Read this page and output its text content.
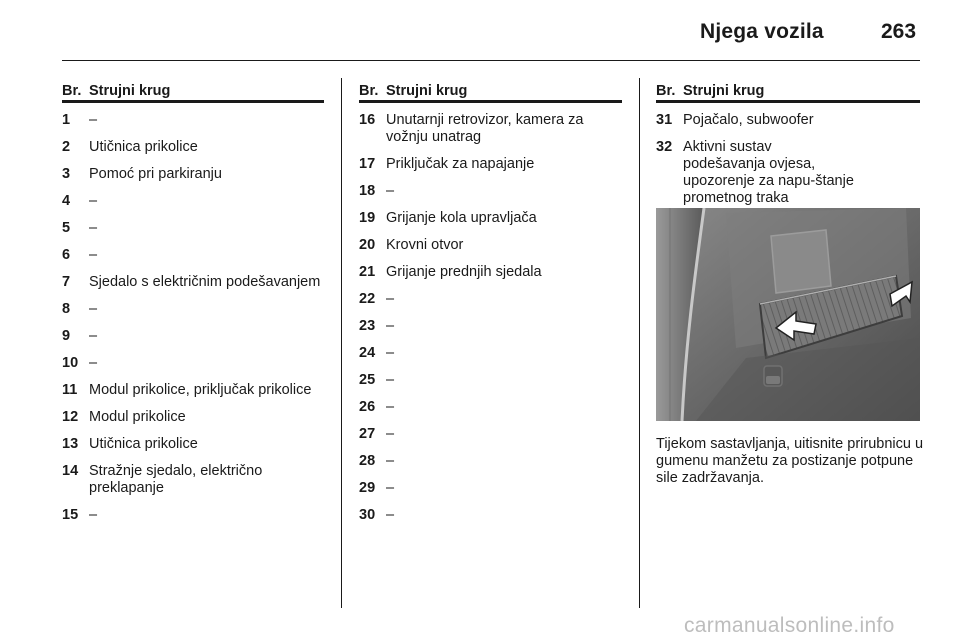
Njega vozila	263
Br. Strujni krug
1	–
2	Utičnica prikolice
3	Pomoć pri parkiranju
4	–
5	–
6	–
7	Sjedalo s električnim podešavanjem
8	–
9	–
10 –
11 Modul prikolice, priključak prikolice
12 Modul prikolice
13 Utičnica prikolice
14 Stražnje sjedalo, električno preklapanje
15 –
Br. Strujni krug
16 Unutarnji retrovizor, kamera za vožnju unatrag
17 Priključak za napajanje
18 –
19 Grijanje kola upravljača
20 Krovni otvor
21 Grijanje prednjih sjedala
22 –
23 –
24 –
25 –
26 –
27 –
28 –
29 –
30 –
Br. Strujni krug
31 Pojačalo, subwoofer
32 Aktivni sustav podešavanja ovjesa, upozorenje za napu-štanje prometnog traka
Tijekom sastavljanja, uitisnite prirubnicu u gumenu manžetu za postizanje potpune sile zadržavanja.
carmanualsonline.info
